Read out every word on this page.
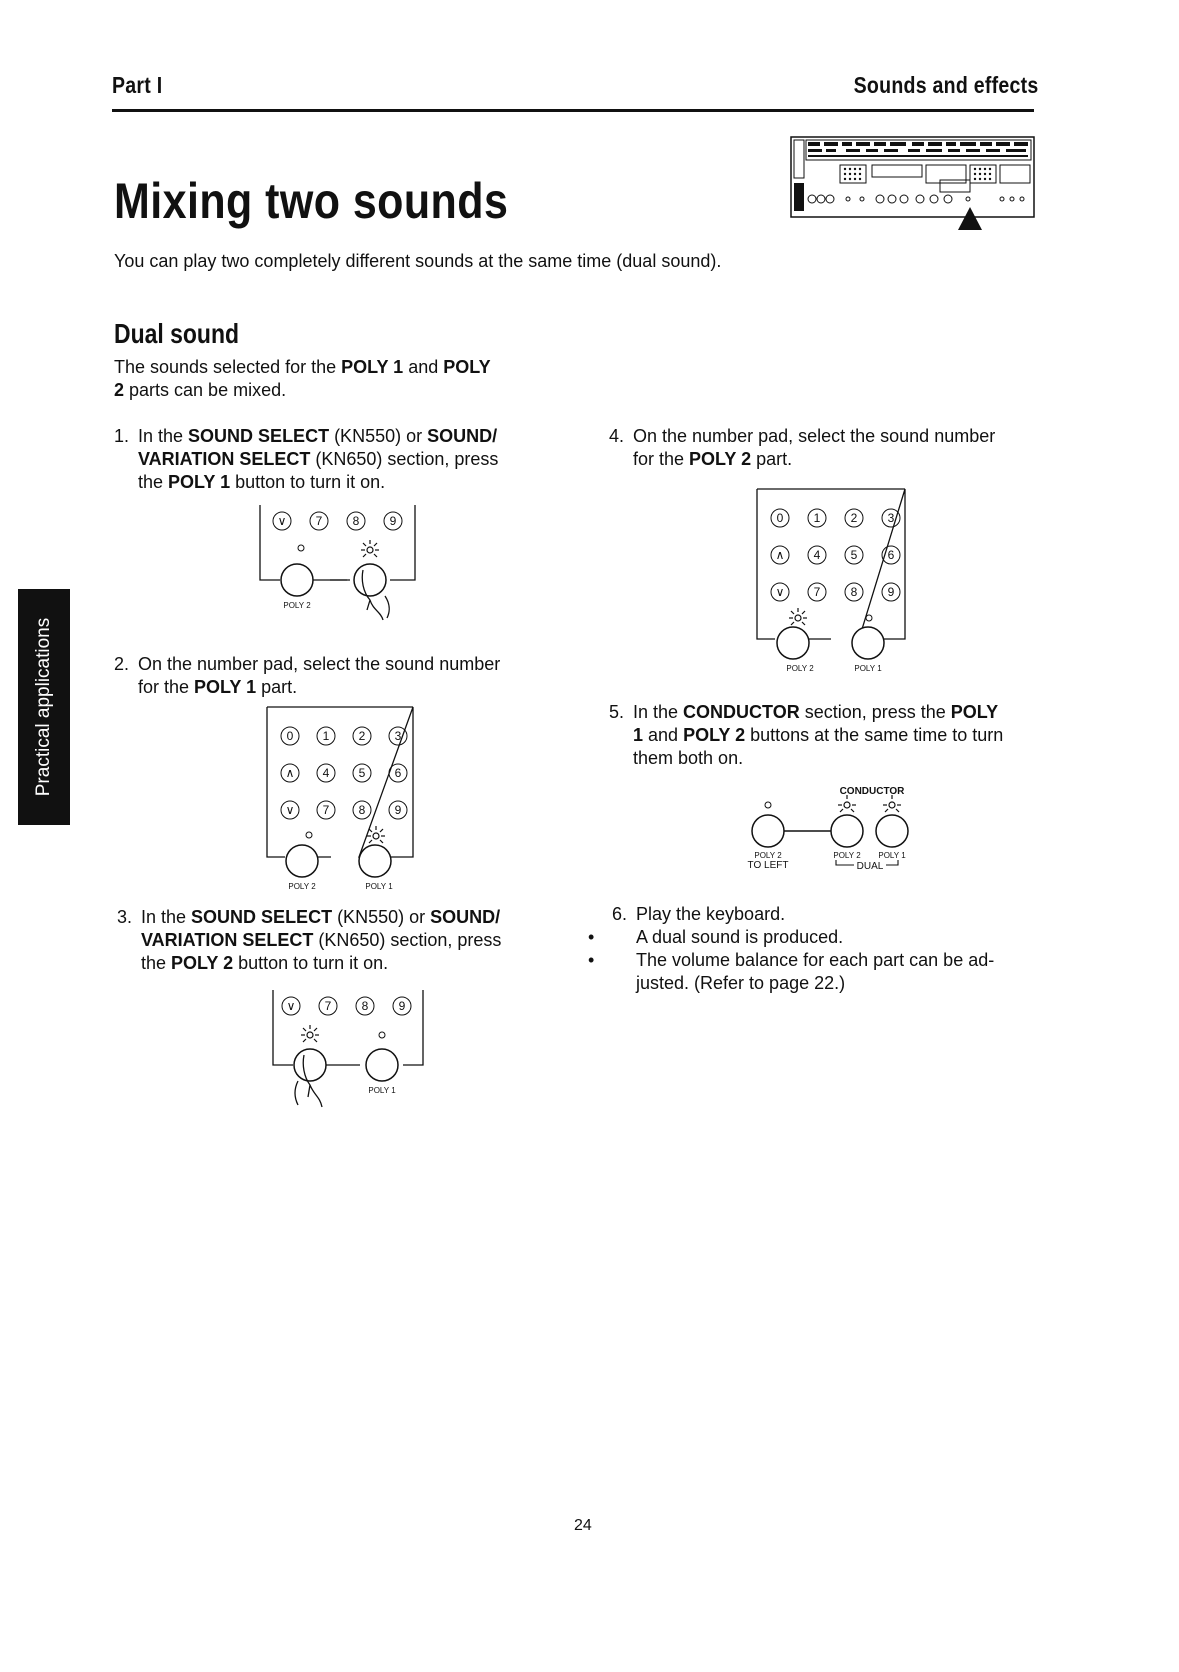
Part I	Sounds and effects
Mixing two sounds
You can play two completely different sounds at the same time (dual sound).
Dual sound
The sounds selected for the POLY 1 and POLY
2 parts can be mixed.
1. In the SOUND SELECT (KN550) or SOUND/
VARIATION SELECT (KN650) section, press
the POLY 1 button to turn it on.
∨ 7	8	9
POLY 2
2. On the number pad, select the sound number
for the POLY 1 part.
0 1 2 3
∧ 4 5 6
∨ 7 8 9
POLY 2	POLY 1
3. In the SOUND SELECT (KN550) or SOUND/
VARIATION SELECT (KN650) section, press
the POLY 2 button to turn it on.
∨ 7	8	9
POLY 1
4. On the number pad, select the sound number
for the POLY 2 part.
0	1	2	3
∧ 4	5	6
∨ 7	8	9
POLY 2	POLY 1
5. In the CONDUCTOR section, press the POLY
1 and POLY 2 buttons at the same time to turn
them both on.
CONDUCTOR
POLY 2
TO LEFT
POLY 2 POLY 1
DUAL
6. Play the keyboard.
• A dual sound is produced.
• The volume balance for each part can be ad-
justed. (Refer to page 22.)
Practical applications
24
